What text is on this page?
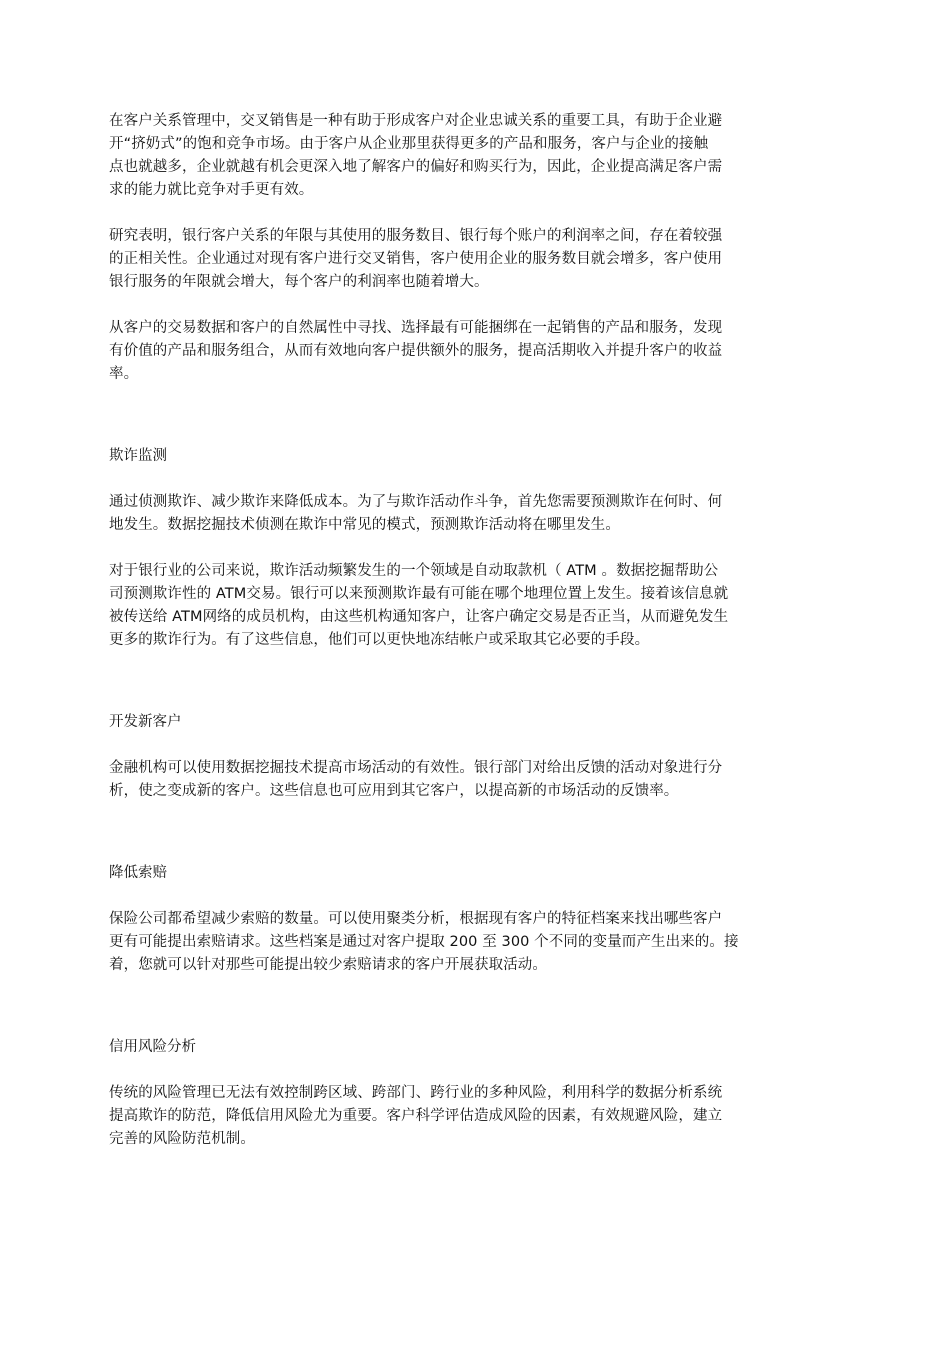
在客户关系管理中，交叉销售是一种有助于形成客户对企业忠诚关系的重要工具，有助于企业避
开“挤奶式”的饱和竞争市场。由于客户从企业那里获得更多的产品和服务，客户与企业的接触
点也就越多，企业就越有机会更深入地了解客户的偏好和购买行为，因此，企业提高满足客户需
求的能力就比竞争对手更有效。
研究表明，银行客户关系的年限与其使用的服务数目、银行每个账户的利润率之间，存在着较强
的正相关性。企业通过对现有客户进行交叉销售，客户使用企业的服务数目就会增多，客户使用
银行服务的年限就会增大，每个客户的利润率也随着增大。
从客户的交易数据和客户的自然属性中寻找、选择最有可能捆绑在一起销售的产品和服务，发现
有价值的产品和服务组合，从而有效地向客户提供额外的服务，提高活期收入并提升客户的收益
率。
欺诈监测
通过侦测欺诈、减少欺诈来降低成本。为了与欺诈活动作斗争，首先您需要预测欺诈在何时、何
地发生。数据挖掘技术侦测在欺诈中常见的模式，预测欺诈活动将在哪里发生。
对于银行业的公司来说，欺诈活动频繁发生的一个领域是自动取款机（ ATM 。数据挖掘帮助公
司预测欺诈性的 ATM交易。银行可以来预测欺诈最有可能在哪个地理位置上发生。接着该信息就
被传送给 ATM网络的成员机构，由这些机构通知客户，让客户确定交易是否正当，从而避免发生
更多的欺诈行为。有了这些信息，他们可以更快地冻结帐户或采取其它必要的手段。
开发新客户
金融机构可以使用数据挖掘技术提高市场活动的有效性。银行部门对给出反馈的活动对象进行分
析，使之变成新的客户。这些信息也可应用到其它客户，以提高新的市场活动的反馈率。
降低索赔
保险公司都希望减少索赔的数量。可以使用聚类分析，根据现有客户的特征档案来找出哪些客户
更有可能提出索赔请求。这些档案是通过对客户提取 200 至 300 个不同的变量而产生出来的。接
着，您就可以针对那些可能提出较少索赔请求的客户开展获取活动。
信用风险分析
传统的风险管理已无法有效控制跨区域、跨部门、跨行业的多种风险，利用科学的数据分析系统
提高欺诈的防范，降低信用风险尤为重要。客户科学评估造成风险的因素，有效规避风险，建立
完善的风险防范机制。
